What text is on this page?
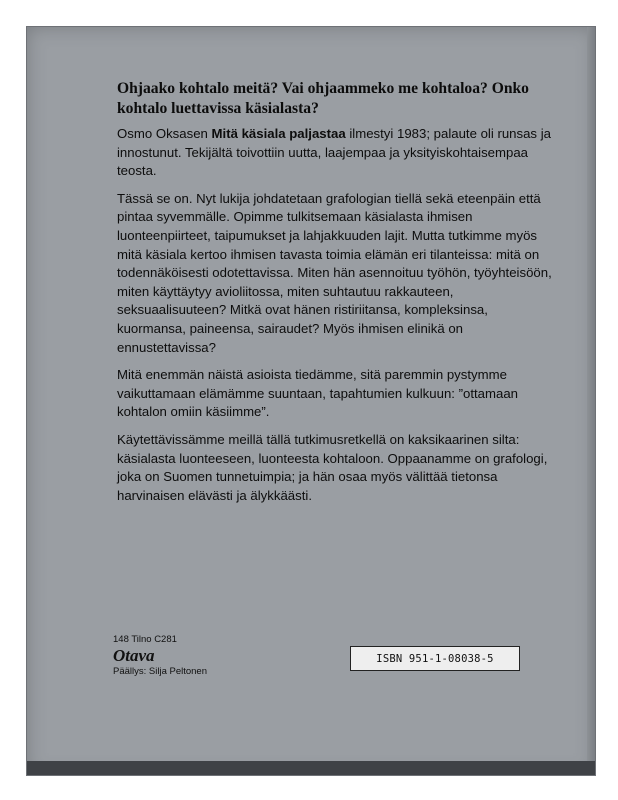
Ohjaako kohtalo meitä? Vai ohjaammeko me kohtaloa? Onko kohtalo luettavissa käsialasta?

Osmo Oksasen Mitä käsiala paljastaa ilmestyi 1983; palaute oli runsas ja innostunut. Tekijältä toivottiin uutta, laajempaa ja yksityiskohtaisempaa teosta.

Tässä se on. Nyt lukija johdatetaan grafologian tiellä sekä eteenpäin että pintaa syvemmälle. Opimme tulkitsemaan käsialasta ihmisen luonteenpiirteet, taipumukset ja lahjakkuuden lajit. Mutta tutkimme myös mitä käsiala kertoo ihmisen tavasta toimia elämän eri tilanteissa: mitä on todennäköisesti odotettavissa. Miten hän asennoituu työhön, työyhteisöön, miten käyttäytyy avioliitossa, miten suhtautuu rakkauteen, seksuaalisuuteen? Mitkä ovat hänen ristiriitansa, kompleksinsa, kuormansa, paineensa, sairaudet? Myös ihmisen elinikä on ennustettavissa?

Mitä enemmän näistä asioista tiedämme, sitä paremmin pystymme vaikuttamaan elämämme suuntaan, tapahtumien kulkuun: ”ottamaan kohtalon omiin käsiimme”.

Käytettävissämme meillä tällä tutkimusretkellä on kaksikaarinen silta: käsialasta luonteeseen, luonteesta kohtaloon. Oppaanamme on grafologi, joka on Suomen tunnetuimpia; ja hän osaa myös välittää tietonsa harvinaisen elävästi ja älykkäästi.

148 Tilno C281

Otava

Päällys: Silja Peltonen

ISBN 951-1-08038-5
